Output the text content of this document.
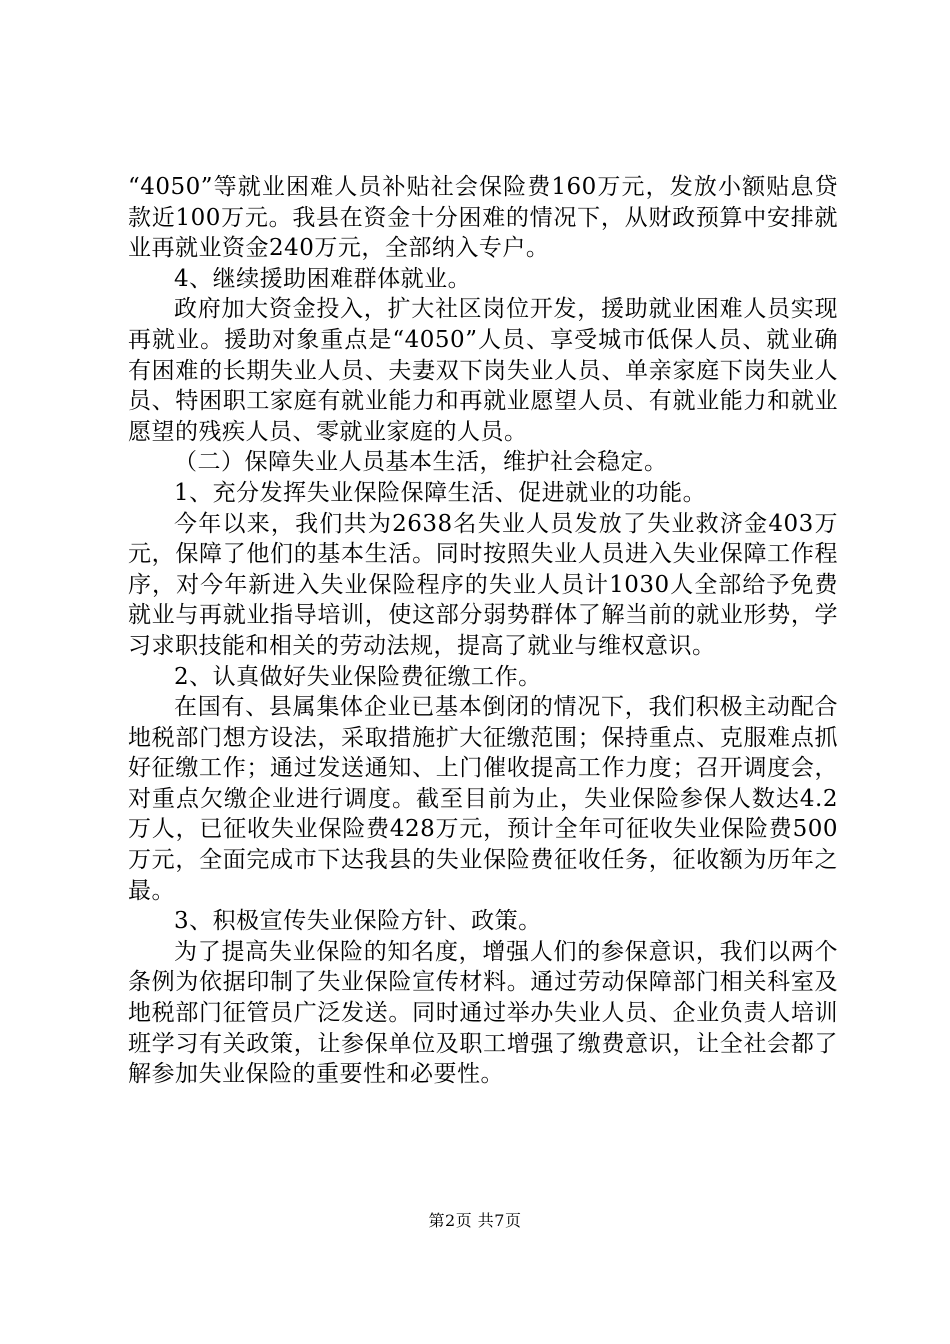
“4050”等就业困难人员补贴社会保险费160万元，发放小额贴息贷款近100万元。我县在资金十分困难的情况下，从财政预算中安排就业再就业资金240万元，全部纳入专户。

4、继续援助困难群体就业。

政府加大资金投入，扩大社区岗位开发，援助就业困难人员实现再就业。援助对象重点是“4050”人员、享受城市低保人员、就业确有困难的长期失业人员、夫妻双下岗失业人员、单亲家庭下岗失业人员、特困职工家庭有就业能力和再就业愿望人员、有就业能力和就业愿望的残疾人员、零就业家庭的人员。

（二）保障失业人员基本生活，维护社会稳定。

1、充分发挥失业保险保障生活、促进就业的功能。

今年以来，我们共为2638名失业人员发放了失业救济金403万元，保障了他们的基本生活。同时按照失业人员进入失业保障工作程序，对今年新进入失业保险程序的失业人员计1030人全部给予免费就业与再就业指导培训，使这部分弱势群体了解当前的就业形势，学习求职技能和相关的劳动法规，提高了就业与维权意识。

2、认真做好失业保险费征缴工作。

在国有、县属集体企业已基本倒闭的情况下，我们积极主动配合地税部门想方设法，采取措施扩大征缴范围；保持重点、克服难点抓好征缴工作；通过发送通知、上门催收提高工作力度；召开调度会，对重点欠缴企业进行调度。截至目前为止，失业保险参保人数达4.2万人，已征收失业保险费428万元，预计全年可征收失业保险费500万元，全面完成市下达我县的失业保险费征收任务，征收额为历年之最。

3、积极宣传失业保险方针、政策。

为了提高失业保险的知名度，增强人们的参保意识，我们以两个条例为依据印制了失业保险宣传材料。通过劳动保障部门相关科室及地税部门征管员广泛发送。同时通过举办失业人员、企业负责人培训班学习有关政策，让参保单位及职工增强了缴费意识，让全社会都了解参加失业保险的重要性和必要性。

第2页 共7页
